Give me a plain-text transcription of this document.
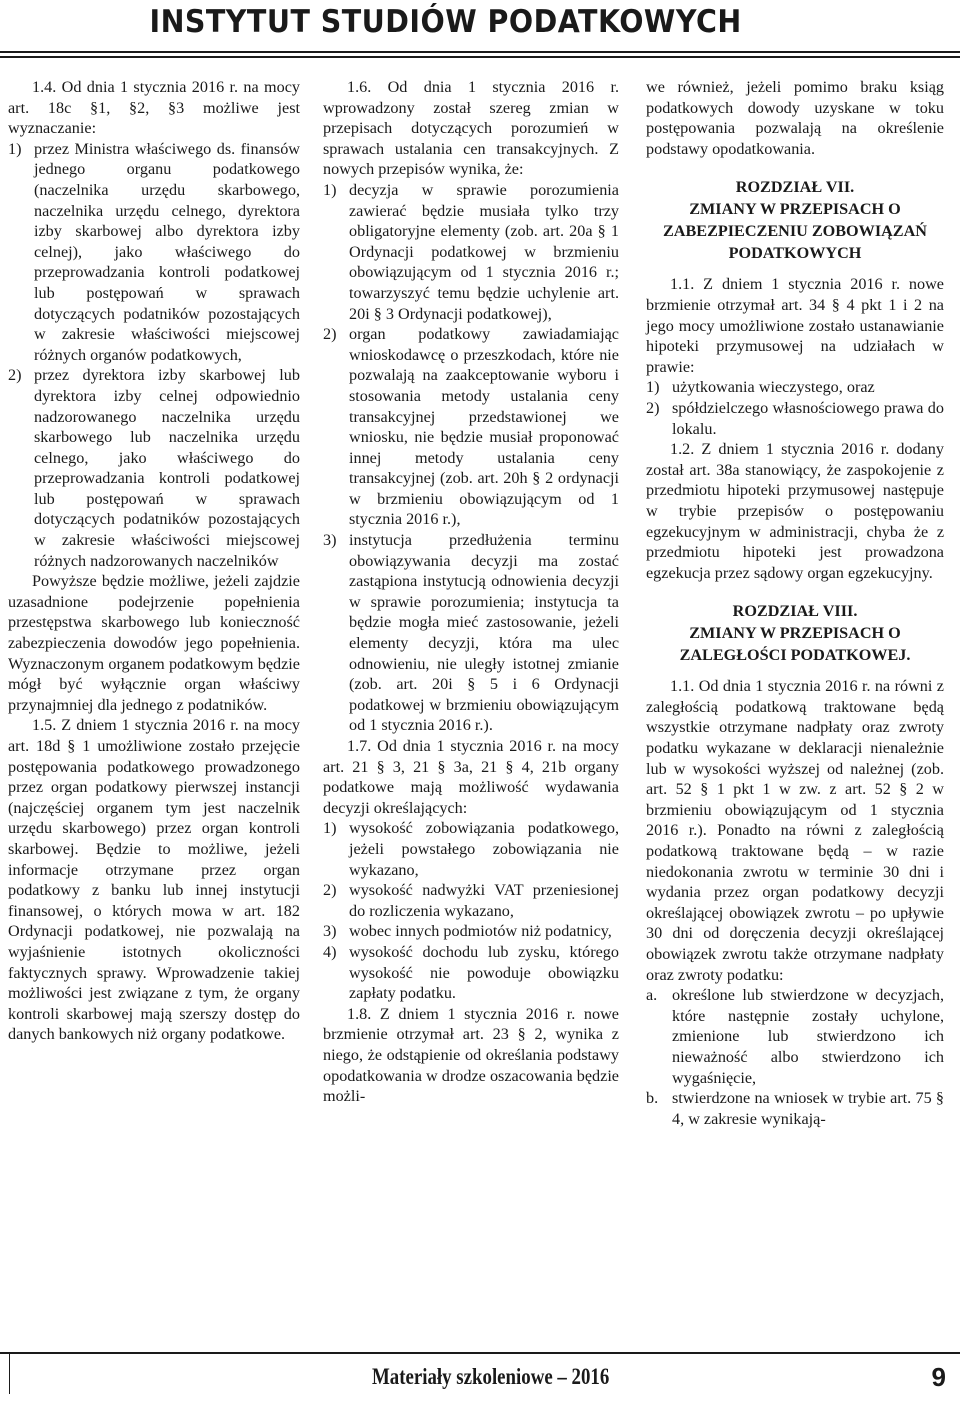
INSTYTUT STUDIÓW PODATKOWYCH

1.4. Od dnia 1 stycznia 2016 r. na mocy art. 18c §1, §2, §3 możliwe jest wyznaczanie:

1) przez Ministra właściwego ds. finansów jednego organu podatkowego (naczelnika urzędu skarbowego, naczelnika urzędu celnego, dyrektora izby skarbowej albo dyrektora izby celnej), jako właściwego do przeprowadzania kontroli podatkowej lub postępowań w sprawach dotyczących podatników pozostających w zakresie właściwości miejscowej różnych organów podatkowych,
2) przez dyrektora izby skarbowej lub dyrektora izby celnej odpowiednio nadzorowanego naczelnika urzędu skarbowego lub naczelnika urzędu celnego, jako właściwego do przeprowadzania kontroli podatkowej lub postępowań w sprawach dotyczących podatników pozostających w zakresie właściwości miejscowej różnych nadzorowanych naczelników

Powyższe będzie możliwe, jeżeli zajdzie uzasadnione podejrzenie popełnienia przestępstwa skarbowego lub konieczność zabezpieczenia dowodów jego popełnienia. Wyznaczonym organem podatkowym będzie mógł być wyłącznie organ właściwy przynajmniej dla jednego z podatników.

1.5. Z dniem 1 stycznia 2016 r. na mocy art. 18d § 1 umożliwione zostało przejęcie postępowania podatkowego prowadzonego przez organ podatkowy pierwszej instancji (najczęściej organem tym jest naczelnik urzędu skarbowego) przez organ kontroli skarbowej. Będzie to możliwe, jeżeli informacje otrzymane przez organ podatkowy z banku lub innej instytucji finansowej, o których mowa w art. 182 Ordynacji podatkowej, nie pozwalają na wyjaśnienie istotnych okoliczności faktycznych sprawy. Wprowadzenie takiej możliwości jest związane z tym, że organy kontroli skarbowej mają szerszy dostęp do danych bankowych niż organy podatkowe.

1.6. Od dnia 1 stycznia 2016 r. wprowadzony został szereg zmian w przepisach dotyczących porozumień w sprawach ustalania cen transakcyjnych. Z nowych przepisów wynika, że:

1) decyzja w sprawie porozumienia zawierać będzie musiała tylko trzy obligatoryjne elementy (zob. art. 20a § 1 Ordynacji podatkowej w brzmieniu obowiązującym od 1 stycznia 2016 r.; towarzyszyć temu będzie uchylenie art. 20i § 3 Ordynacji podatkowej),
2) organ podatkowy zawiadamiając wnioskodawcę o przeszkodach, które nie pozwalają na zaakceptowanie wyboru i stosowania metody ustalania ceny transakcyjnej przedstawionej we wniosku, nie będzie musiał proponować innej metody ustalania ceny transakcyjnej (zob. art. 20h § 2 ordynacji w brzmieniu obowiązującym od 1 stycznia 2016 r.),
3) instytucja przedłużenia terminu obowiązywania decyzji ma zostać zastąpiona instytucją odnowienia decyzji w sprawie porozumienia; instytucja ta będzie mogła mieć zastosowanie, jeżeli elementy decyzji, która ma ulec odnowieniu, nie uległy istotnej zmianie (zob. art. 20i § 5 i 6 Ordynacji podatkowej w brzmieniu obowiązującym od 1 stycznia 2016 r.).

1.7. Od dnia 1 stycznia 2016 r. na mocy art. 21 § 3, 21 § 3a, 21 § 4, 21b organy podatkowe mają możliwość wydawania decyzji określających:

1) wysokość zobowiązania podatkowego, jeżeli powstałego zobowiązania nie wykazano,
2) wysokość nadwyżki VAT przeniesionej do rozliczenia wykazano,
3) wobec innych podmiotów niż podatnicy,
4) wysokość dochodu lub zysku, którego wysokość nie powoduje obowiązku zapłaty podatku.

1.8. Z dniem 1 stycznia 2016 r. nowe brzmienie otrzymał art. 23 § 2, wynika z niego, że odstąpienie od określania podstawy opodatkowania w drodze oszacowania będzie możli-

we również, jeżeli pomimo braku ksiąg podatkowych dowody uzyskane w toku postępowania pozwalają na określenie podstawy opodatkowania.

ROZDZIAŁ VII.

ZMIANY W PRZEPISACH O ZABEZPIECZENIU ZOBOWIĄZAŃ PODATKOWYCH

1.1. Z dniem 1 stycznia 2016 r. nowe brzmienie otrzymał art. 34 § 4 pkt 1 i 2 na jego mocy umożliwione zostało ustanawianie hipoteki przymusowej na udziałach w prawie:

1) użytkowania wieczystego, oraz
2) spółdzielczego własnościowego prawa do lokalu.

1.2. Z dniem 1 stycznia 2016 r. dodany został art. 38a stanowiący, że zaspokojenie z przedmiotu hipoteki przymusowej następuje w trybie przepisów o postępowaniu egzekucyjnym w administracji, chyba że z przedmiotu hipoteki jest prowadzona egzekucja przez sądowy organ egzekucyjny.

ROZDZIAŁ VIII.

ZMIANY W PRZEPISACH O ZALEGŁOŚCI PODATKOWEJ.

1.1. Od dnia 1 stycznia 2016 r. na równi z zaległością podatkową traktowane będą wszystkie otrzymane nadpłaty oraz zwroty podatku wykazane w deklaracji nienależnie lub w wysokości wyższej od należnej (zob. art. 52 § 1 pkt 1 w zw. z art. 52 § 2 w brzmieniu obowiązującym od 1 stycznia 2016 r.). Ponadto na równi z zaległością podatkową traktowane będą – w razie niedokonania zwrotu w terminie 30 dni i wydania przez organ podatkowy decyzji określającej obowiązek zwrotu – po upływie 30 dni od doręczenia decyzji określającej obowiązek zwrotu także otrzymane nadpłaty oraz zwroty podatku:

a. określone lub stwierdzone w decyzjach, które następnie zostały uchylone, zmienione lub stwierdzono ich nieważność albo stwierdzono ich wygaśnięcie,
b. stwierdzone na wniosek w trybie art. 75 § 4, w zakresie wynikają-
Materiały szkoleniowe – 2016	9
